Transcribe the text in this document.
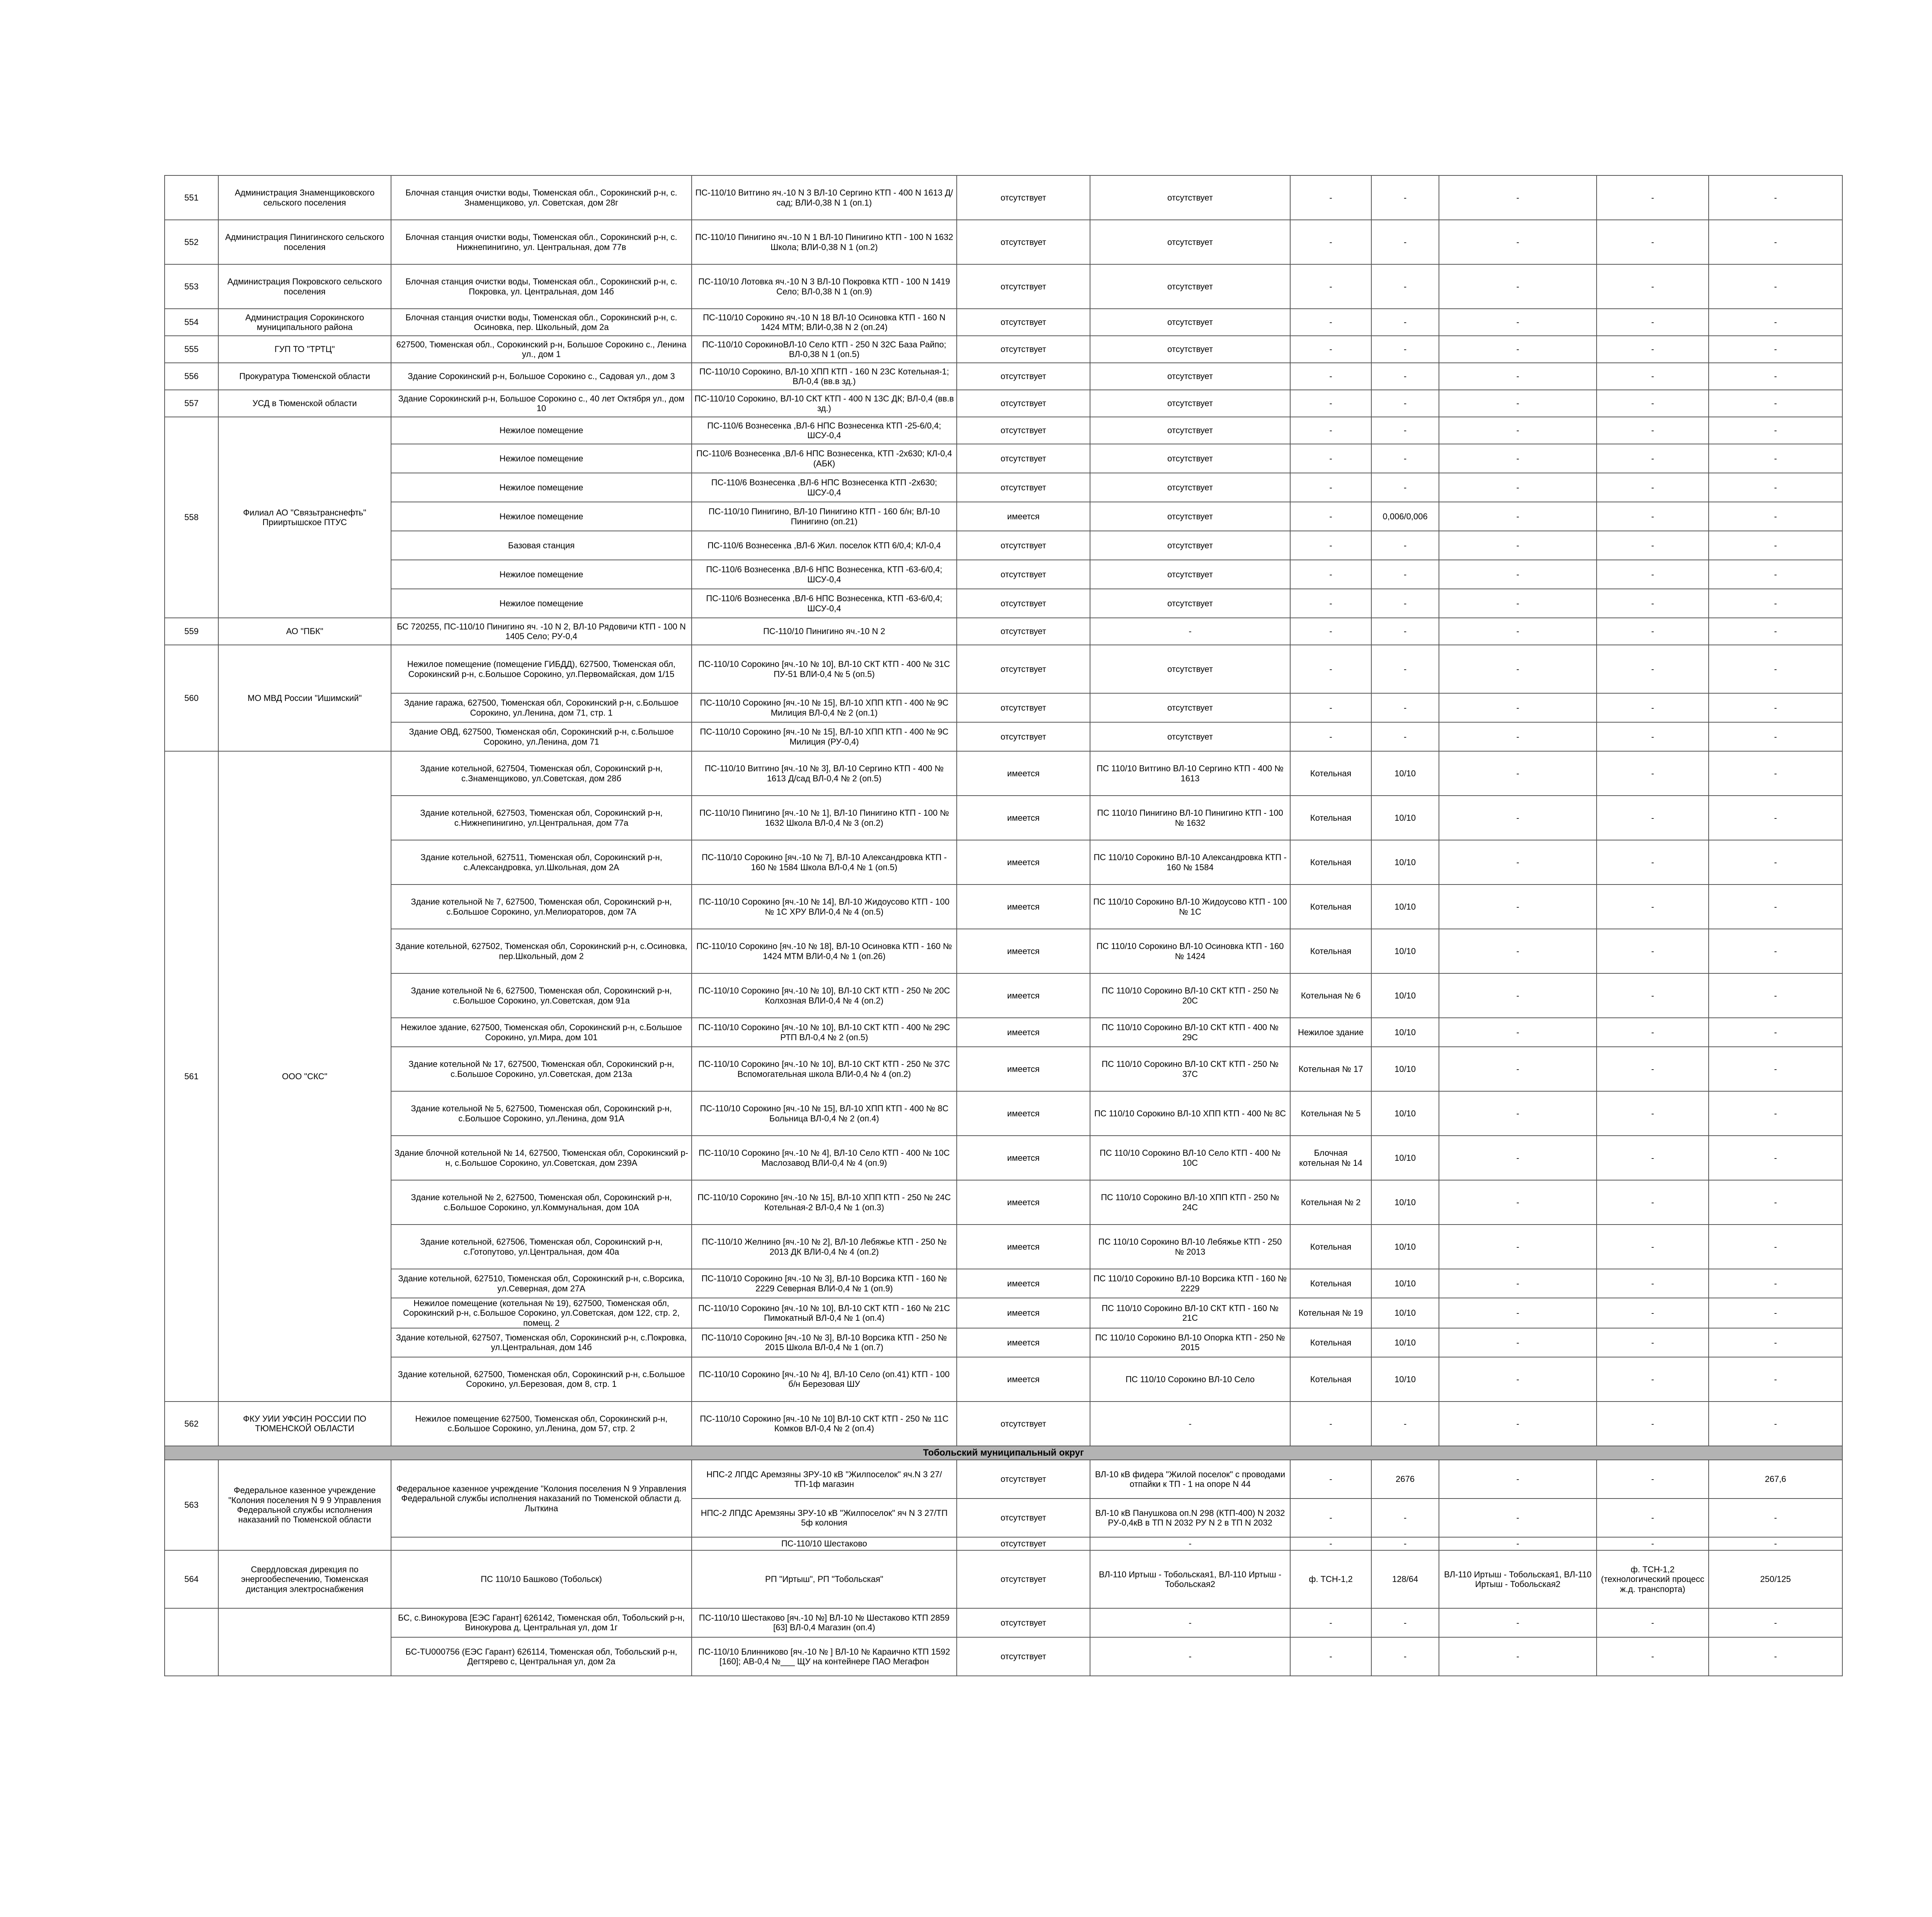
551	Администрация Знаменщиковского сельского поселения	Блочная станция очистки воды, Тюменская обл., Сорокинский р-н, с. Знаменщиково, ул. Советская, дом 28г	ПС-110/10 Витгино яч.-10 N 3 ВЛ-10 Сергино КТП - 400 N 1613 Д/сад; ВЛИ-0,38 N 1 (оп.1)	отсутствует	отсутствует	-	-	-	-	-
552	Администрация Пинигинского сельского поселения	Блочная станция очистки воды, Тюменская обл., Сорокинский р-н, с. Нижнепинигино, ул. Центральная, дом 77в	ПС-110/10 Пинигино яч.-10 N 1 ВЛ-10 Пинигино КТП - 100 N 1632 Школа; ВЛИ-0,38 N 1 (оп.2)	отсутствует	отсутствует	-	-	-	-	-
553	Администрация Покровского сельского поселения	Блочная станция очистки воды, Тюменская обл., Сорокинский р-н, с. Покровка, ул. Центральная, дом 14б	ПС-110/10 Лотовка яч.-10 N 3 ВЛ-10 Покровка КТП - 100 N 1419 Село; ВЛ-0,38 N 1 (оп.9)	отсутствует	отсутствует	-	-	-	-	-
554	Администрация Сорокинского муниципального района	Блочная станция очистки воды, Тюменская обл., Сорокинский р-н, с. Осиновка, пер. Школьный, дом 2а	ПС-110/10 Сорокино яч.-10 N 18 ВЛ-10 Осиновка КТП - 160 N 1424 МТМ; ВЛИ-0,38 N 2 (оп.24)	отсутствует	отсутствует	-	-	-	-	-
555	ГУП ТО "ТРТЦ"	627500, Тюменская обл., Сорокинский р-н, Большое Сорокино с., Ленина ул., дом 1	ПС-110/10 СорокиноВЛ-10 Село КТП - 250 N 32С База Райпо; ВЛ-0,38 N 1 (оп.5)	отсутствует	отсутствует	-	-	-	-	-
556	Прокуратура Тюменской области	Здание Сорокинский р-н, Большое Сорокино с., Садовая ул., дом 3	ПС-110/10 Сорокино, ВЛ-10 ХПП КТП - 160 N 23С Котельная-1; ВЛ-0,4 (вв.в зд.)	отсутствует	отсутствует	-	-	-	-	-
557	УСД в Тюменской области	Здание Сорокинский р-н, Большое Сорокино с., 40 лет Октября ул., дом 10	ПС-110/10 Сорокино, ВЛ-10 СКТ КТП - 400 N 13С ДК; ВЛ-0,4 (вв.в зд.)	отсутствует	отсутствует	-	-	-	-	-
558	Филиал АО "Связьтранснефть" Прииртышское ПТУС	Нежилое помещение	ПС-110/6 Вознесенка ,ВЛ-6 НПС Вознесенка КТП -25-6/0,4; ШСУ-0,4	отсутствует	отсутствует	-	-	-	-	-
		Нежилое помещение	ПС-110/6 Вознесенка ,ВЛ-6 НПС Вознесенка, КТП -2х630; КЛ-0,4 (АБК)	отсутствует	отсутствует	-	-	-	-	-
		Нежилое помещение	ПС-110/6 Вознесенка ,ВЛ-6 НПС Вознесенка КТП -2х630; ШСУ-0,4	отсутствует	отсутствует	-	-	-	-	-
		Нежилое помещение	ПС-110/10 Пинигино, ВЛ-10 Пинигино КТП - 160 б/н; ВЛ-10 Пинигино (оп.21)	имеется	отсутствует	-	0,006/0,006	-	-	-
		Базовая станция	ПС-110/6 Вознесенка ,ВЛ-6 Жил. поселок КТП 6/0,4; КЛ-0,4	отсутствует	отсутствует	-	-	-	-	-
		Нежилое помещение	ПС-110/6 Вознесенка ,ВЛ-6 НПС Вознесенка, КТП -63-6/0,4; ШСУ-0,4	отсутствует	отсутствует	-	-	-	-	-
		Нежилое помещение	ПС-110/6 Вознесенка ,ВЛ-6 НПС Вознесенка, КТП -63-6/0,4; ШСУ-0,4	отсутствует	отсутствует	-	-	-	-	-
559	АО "ПБК"	БС 720255, ПС-110/10 Пинигино яч. -10 N 2, ВЛ-10 Рядовичи КТП - 100 N 1405 Село; РУ-0,4	ПС-110/10 Пинигино яч.-10 N 2	отсутствует	-	-	-	-	-	-
560	МО МВД России "Ишимский"	Нежилое помещение (помещение ГИБДД), 627500, Тюменская обл, Сорокинский р-н, с.Большое Сорокино, ул.Первомайская, дом 1/15	ПС-110/10 Сорокино [яч.-10 № 10], ВЛ-10 СКТ КТП - 400 № 31С ПУ-51 ВЛИ-0,4 № 5 (оп.5)	отсутствует	отсутствует	-	-	-	-	-
		Здание гаража, 627500, Тюменская обл, Сорокинский р-н, с.Большое Сорокино, ул.Ленина, дом 71, стр. 1	ПС-110/10 Сорокино [яч.-10 № 15], ВЛ-10 ХПП КТП - 400 № 9С Милиция ВЛ-0,4 № 2 (оп.1)	отсутствует	отсутствует	-	-	-	-	-
		Здание ОВД, 627500, Тюменская обл, Сорокинский р-н, с.Большое Сорокино, ул.Ленина, дом 71	ПС-110/10 Сорокино [яч.-10 № 15], ВЛ-10 ХПП КТП - 400 № 9С Милиция (РУ-0,4)	отсутствует	отсутствует	-	-	-	-	-
561	ООО "СКС"	Здание котельной, 627504, Тюменская обл, Сорокинский р-н, с.Знаменщиково, ул.Советская, дом 28б	ПС-110/10 Витгино [яч.-10 № 3], ВЛ-10 Сергино КТП - 400 № 1613 Д/сад ВЛ-0,4 № 2 (оп.5)	имеется	ПС 110/10 Витгино ВЛ-10 Сергино КТП - 400 № 1613	Котельная	10/10	-	-	-
		Здание котельной, 627503, Тюменская обл, Сорокинский р-н, с.Нижнепинигино, ул.Центральная, дом 77а	ПС-110/10 Пинигино [яч.-10 № 1], ВЛ-10 Пинигино КТП - 100 № 1632 Школа ВЛ-0,4 № 3 (оп.2)	имеется	ПС 110/10 Пинигино ВЛ-10 Пинигино КТП - 100 № 1632	Котельная	10/10	-	-	-
		Здание котельной, 627511, Тюменская обл, Сорокинский р-н, с.Александровка, ул.Школьная, дом 2А	ПС-110/10 Сорокино [яч.-10 № 7], ВЛ-10 Александровка КТП - 160 № 1584 Школа ВЛ-0,4 № 1 (оп.5)	имеется	ПС 110/10 Сорокино ВЛ-10 Александровка КТП - 160 № 1584	Котельная	10/10	-	-	-
		Здание котельной № 7, 627500, Тюменская обл, Сорокинский р-н, с.Большое Сорокино, ул.Мелиораторов, дом 7А	ПС-110/10 Сорокино [яч.-10 № 14], ВЛ-10 Жидоусово КТП - 100 № 1С ХРУ ВЛИ-0,4 № 4 (оп.5)	имеется	ПС 110/10 Сорокино ВЛ-10 Жидоусово КТП - 100 № 1С	Котельная	10/10	-	-	-
		Здание котельной, 627502, Тюменская обл, Сорокинский р-н, с.Осиновка, пер.Школьный, дом 2	ПС-110/10 Сорокино [яч.-10 № 18], ВЛ-10 Осиновка КТП - 160 № 1424 МТМ ВЛИ-0,4 № 1 (оп.26)	имеется	ПС 110/10 Сорокино ВЛ-10 Осиновка КТП - 160 № 1424	Котельная	10/10	-	-	-
		Здание котельной № 6, 627500, Тюменская обл, Сорокинский р-н, с.Большое Сорокино, ул.Советская, дом 91а	ПС-110/10 Сорокино [яч.-10 № 10], ВЛ-10 СКТ КТП - 250 № 20С Колхозная ВЛИ-0,4 № 4 (оп.2)	имеется	ПС 110/10 Сорокино ВЛ-10 СКТ КТП - 250 № 20С	Котельная № 6	10/10	-	-	-
		Нежилое здание, 627500, Тюменская обл, Сорокинский р-н, с.Большое Сорокино, ул.Мира, дом 101	ПС-110/10 Сорокино [яч.-10 № 10], ВЛ-10 СКТ КТП - 400 № 29С РТП ВЛ-0,4 № 2 (оп.5)	имеется	ПС 110/10 Сорокино ВЛ-10 СКТ КТП - 400 № 29С	Нежилое здание	10/10	-	-	-
		Здание котельной № 17, 627500, Тюменская обл, Сорокинский р-н, с.Большое Сорокино, ул.Советская, дом 213а	ПС-110/10 Сорокино [яч.-10 № 10], ВЛ-10 СКТ КТП - 250 № 37С Вспомогательная школа ВЛИ-0,4 № 4 (оп.2)	имеется	ПС 110/10 Сорокино ВЛ-10 СКТ КТП - 250 № 37С	Котельная № 17	10/10	-	-	-
		Здание котельной № 5, 627500, Тюменская обл, Сорокинский р-н, с.Большое Сорокино, ул.Ленина, дом 91А	ПС-110/10 Сорокино [яч.-10 № 15], ВЛ-10 ХПП КТП - 400 № 8С Больница ВЛ-0,4 № 2 (оп.4)	имеется	ПС 110/10 Сорокино ВЛ-10 ХПП КТП - 400 № 8С	Котельная № 5	10/10	-	-	-
		Здание блочной котельной № 14, 627500, Тюменская обл, Сорокинский р-н, с.Большое Сорокино, ул.Советская, дом 239А	ПС-110/10 Сорокино [яч.-10 № 4], ВЛ-10 Село КТП - 400 № 10С Маслозавод ВЛИ-0,4 № 4 (оп.9)	имеется	ПС 110/10 Сорокино ВЛ-10 Село КТП - 400 № 10С	Блочная котельная № 14	10/10	-	-	-
		Здание котельной № 2, 627500, Тюменская обл, Сорокинский р-н, с.Большое Сорокино, ул.Коммунальная, дом 10А	ПС-110/10 Сорокино [яч.-10 № 15], ВЛ-10 ХПП КТП - 250 № 24С Котельная-2 ВЛ-0,4 № 1 (оп.3)	имеется	ПС 110/10 Сорокино ВЛ-10 ХПП КТП - 250 № 24С	Котельная № 2	10/10	-	-	-
		Здание котельной, 627506, Тюменская обл, Сорокинский р-н, с.Готопутово, ул.Центральная, дом 40а	ПС-110/10 Желнино [яч.-10 № 2], ВЛ-10 Лебяжье КТП - 250 № 2013 ДК ВЛИ-0,4 № 4 (оп.2)	имеется	ПС 110/10 Сорокино ВЛ-10 Лебяжье КТП - 250 № 2013	Котельная	10/10	-	-	-
		Здание котельной, 627510, Тюменская обл, Сорокинский р-н, с.Ворсика, ул.Северная, дом 27А	ПС-110/10 Сорокино [яч.-10 № 3], ВЛ-10 Ворсика КТП - 160 № 2229 Северная ВЛИ-0,4 № 1 (оп.9)	имеется	ПС 110/10 Сорокино ВЛ-10 Ворсика КТП - 160 № 2229	Котельная	10/10	-	-	-
		Нежилое помещение (котельная № 19), 627500, Тюменская обл, Сорокинский р-н, с.Большое Сорокино, ул.Советская, дом 122, стр. 2, помещ. 2	ПС-110/10 Сорокино [яч.-10 № 10], ВЛ-10 СКТ КТП - 160 № 21С Пимокатный ВЛ-0,4 № 1 (оп.4)	имеется	ПС 110/10 Сорокино ВЛ-10 СКТ КТП - 160 № 21С	Котельная № 19	10/10	-	-	-
		Здание котельной, 627507, Тюменская обл, Сорокинский р-н, с.Покровка, ул.Центральная, дом 14б	ПС-110/10 Сорокино [яч.-10 № 3], ВЛ-10 Ворсика КТП - 250 № 2015 Школа ВЛ-0,4 № 1 (оп.7)	имеется	ПС 110/10 Сорокино ВЛ-10 Опорка КТП - 250 № 2015	Котельная	10/10	-	-	-
		Здание котельной, 627500, Тюменская обл, Сорокинский р-н, с.Большое Сорокино, ул.Березовая, дом 8, стр. 1	ПС-110/10 Сорокино [яч.-10 № 4], ВЛ-10 Село (оп.41) КТП - 100 б/н Березовая ШУ	имеется	ПС 110/10 Сорокино ВЛ-10 Село	Котельная	10/10	-	-	-
562	ФКУ УИИ УФСИН РОССИИ ПО ТЮМЕНСКОЙ ОБЛАСТИ	Нежилое помещение 627500, Тюменская обл, Сорокинский р-н, с.Большое Сорокино, ул.Ленина, дом 57, стр. 2	ПС-110/10 Сорокино [яч.-10 № 10] ВЛ-10 СКТ КТП - 250 № 11С Комков ВЛ-0,4 № 2 (оп.4)	отсутствует	-	-	-	-	-	-
Тобольский муниципальный округ										
563	Федеральное казенное учреждение "Колония поселения N 9 9 Управления Федеральной службы исполнения наказаний по Тюменской области	Федеральное казенное учреждение "Колония поселения N 9 Управления Федеральной службы исполнения наказаний по Тюменской области д. Лыткина	НПС-2 ЛПДС Аремзяны ЗРУ-10 кВ "Жилпоселок" яч.N 3 27/ТП-1ф магазин	отсутствует	ВЛ-10 кВ фидера "Жилой поселок" с проводами отпайки к ТП - 1 на опоре N 44	-	2676	-	-	267,6
			НПС-2 ЛПДС Аремзяны ЗРУ-10 кВ "Жилпоселок" яч N 3 27/ТП 5ф колония	отсутствует	ВЛ-10 кВ Панушкова оп.N 298 (КТП-400) N 2032 РУ-0,4кВ в ТП N 2032 РУ N 2 в ТП N 2032	-	-	-	-	-
			ПС-110/10 Шестаково	отсутствует	-	-	-	-	-	-
564	Свердловская дирекция по энергообеспечению, Тюменская дистанция электроснабжения	ПС 110/10 Башково (Тобольск)	РП "Иртыш", РП "Тобольская"	отсутствует	ВЛ-110 Иртыш - Тобольская1, ВЛ-110 Иртыш - Тобольская2	ф. ТСН-1,2	128/64	ВЛ-110 Иртыш - Тобольская1, ВЛ-110 Иртыш - Тобольская2	ф. ТСН-1,2 (технологический процесс ж.д. транспорта)	250/125
		БС, с.Винокурова [ЕЭС Гарант] 626142, Тюменская обл, Тобольский р-н, Винокурова д, Центральная ул, дом 1г	ПС-110/10 Шестаково [яч.-10 №] ВЛ-10 № Шестаково КТП 2859 [63] ВЛ-0,4 Магазин (оп.4)	отсутствует	-	-	-	-	-	-
		БС-TU000756 (ЕЭС Гарант) 626114, Тюменская обл, Тобольский р-н, Дегтярево с, Центральная ул, дом 2а	ПС-110/10 Блинниково [яч.-10 № ] ВЛ-10 № Караично КТП 1592 [160]; АВ-0,4 №___ ЩУ на контейнере ПАО Мегафон	отсутствует	-	-	-	-	-	-
